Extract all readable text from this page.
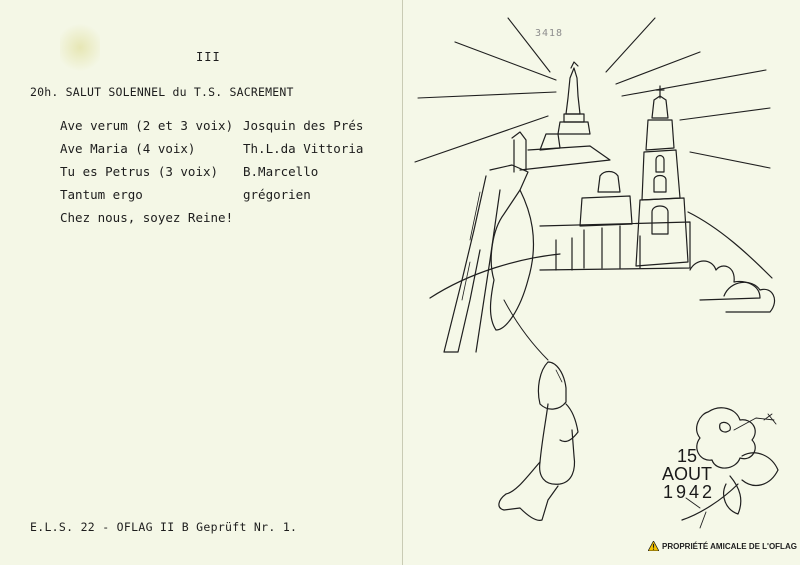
III
20h. SALUT SOLENNEL du T.S. SACREMENT
Ave verum (2 et 3 voix) Josquin des Prés
Ave Maria (4 voix)	Th.L.da Vittoria
Tu es Petrus (3 voix) B.Marcello
Tantum ergo	grégorien
Chez nous, soyez Reine!
E.L.S. 22 - OFLAG II B Geprüft Nr. 1.
3418
15 AOUT
1942
PROPRIÉTÉ AMICALE DE L'OFLAG
